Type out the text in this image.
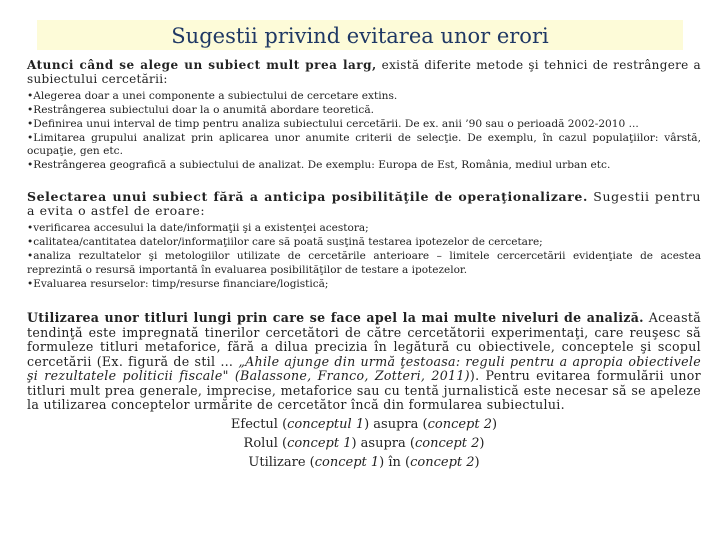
Sugestii privind evitarea unor erori

Atunci când se alege un subiect mult prea larg, există diferite metode şi tehnici de restrângere a subiectului cercetării:

•Alegerea doar a unei componente a subiectului de cercetare extins.
•Restrângerea subiectului doar la o anumită abordare teoretică.
•Definirea unui interval de timp pentru analiza subiectului cercetării. De ex. anii ’90 sau o perioadă 2002-2010 ...
•Limitarea grupului analizat prin aplicarea unor anumite criterii de selecţie. De exemplu, în cazul populaţiilor: vârstă, ocupaţie, gen etc.
•Restrângerea geografică a subiectului de analizat. De exemplu: Europa de Est, România, mediul urban etc.

Selectarea unui subiect fără a anticipa posibilităţile de operaţionalizare. Sugestii pentru a evita o astfel de eroare:

•verificarea accesului la date/informaţii şi a existenţei acestora;
•calitatea/cantitatea datelor/informaţiilor care să poată susţină testarea ipotezelor de cercetare;
•analiza rezultatelor şi metologiilor utilizate de cercetările anterioare – limitele cercercetării evidenţiate de acestea reprezintă o resursă importantă în evaluarea posibilităţilor de testare a ipotezelor.
•Evaluarea resurselor: timp/resurse financiare/logistică;

Utilizarea unor titluri lungi prin care se face apel la mai multe niveluri de analiză. Această tendinţă este impregnată tinerilor cercetători de către cercetătorii experimentaţi, care reuşesc să formuleze titluri metaforice, fără a dilua precizia în legătură cu obiectivele, conceptele şi scopul cercetării (Ex. figură de stil … „Ahile ajunge din urmă ţestoasa: reguli pentru a apropia obiectivele şi rezultatele politicii fiscale" (Balassone, Franco, Zotteri, 2011)). Pentru evitarea formulării unor titluri mult prea generale, imprecise, metaforice sau cu tentă jurnalistică este necesar să se apeleze la utilizarea conceptelor urmărite de cercetător încă din formularea subiectului.

Efectul (conceptul 1) asupra (concept 2)
Rolul (concept 1) asupra (concept 2)
Utilizare (concept 1) în (concept 2)
